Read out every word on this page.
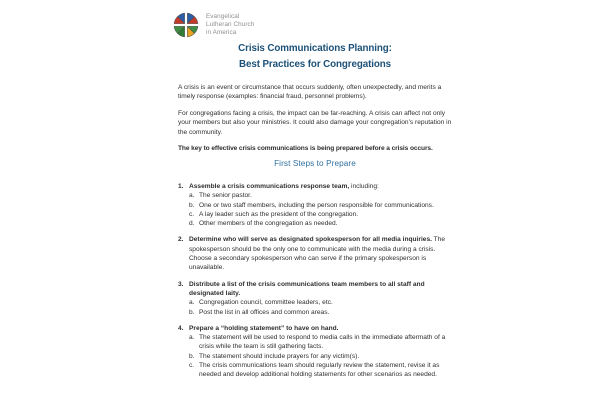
Evangelical
Lutheran Church
in America
Crisis Communications Planning:
Best Practices for Congregations

A crisis is an event or circumstance that occurs suddenly, often unexpectedly, and merits a timely response (examples: financial fraud, personnel problems).

For congregations facing a crisis, the impact can be far-reaching. A crisis can affect not only your members but also your ministries. It could also damage your congregation’s reputation in the community.

The key to effective crisis communications is being prepared before a crisis occurs.

First Steps to Prepare
1. Assemble a crisis communications response team, including:

a. The senior pastor.
b. One or two staff members, including the person responsible for communications.
c. A lay leader such as the president of the congregation.
d. Other members of the congregation as needed.
2. Determine who will serve as designated spokesperson for all media inquiries. The spokesperson should be the only one to communicate with the media during a crisis. Choose a secondary spokesperson who can serve if the primary spokesperson is unavailable.

3. Distribute a list of the crisis communications team members to all staff and designated laity.

a. Congregation council, committee leaders, etc.
b. Post the list in all offices and common areas.
4. Prepare a “holding statement” to have on hand.

a. The statement will be used to respond to media calls in the immediate aftermath of a crisis while the team is still gathering facts.
b. The statement should include prayers for any victim(s).
c. The crisis communications team should regularly review the statement, revise it as needed and develop additional holding statements for other scenarios as needed.
